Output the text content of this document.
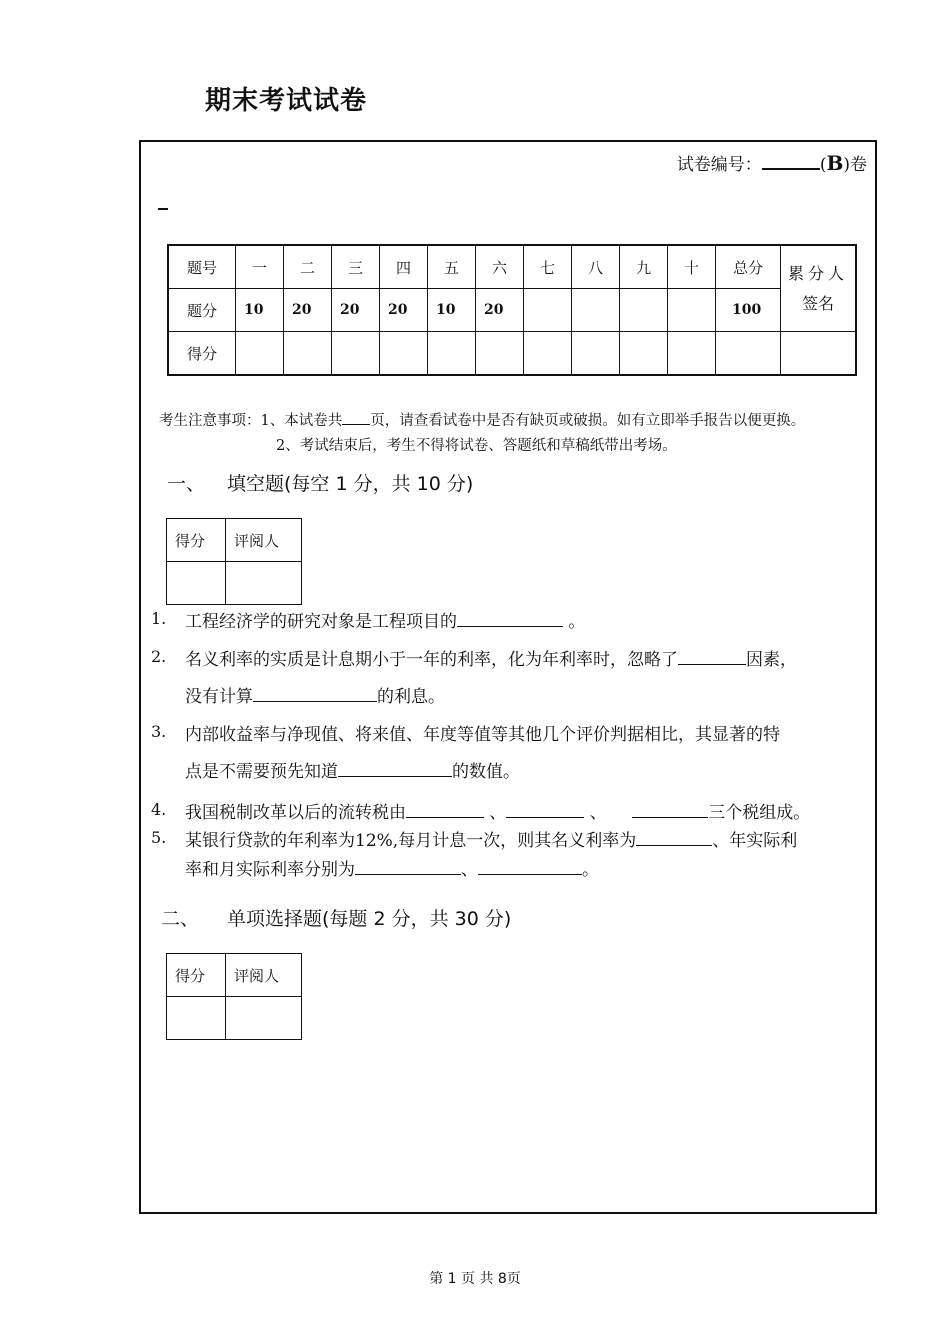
期末考试试卷
试卷编号：	(B)卷
题号	一	二	三	四	五	六	七	八	九	十	总分	累分人
签名
题分	10	20	20	20	10	20					100	
得分												
考生注意事项：1、本试卷共 页，请查看试卷中是否有缺页或破损。如有立即举手报告以便更换。
2、考试结束后，考生不得将试卷、答题纸和草稿纸带出考场。
一、 填空题(每空 1 分，共 10 分)
得分	评阅人

1. 工程经济学的研究对象是工程项目的	。
2. 名义利率的实质是计息期小于一年的利率，化为年利率时，忽略了	因素，
没有计算	的利息。
3. 内部收益率与净现值、将来值、年度等值等其他几个评价判据相比，其显著的特
点是不需要预先知道	的数值。
4. 我国税制改革以后的流转税由	、	、	三个税组成。
5. 某银行贷款的年利率为12%,每月计息一次，则其名义利率为	、年实际利
率和月实际利率分别为	、	。
二、 单项选择题(每题 2 分，共 30 分)
得分	评阅人

第 1 页 共 8页
